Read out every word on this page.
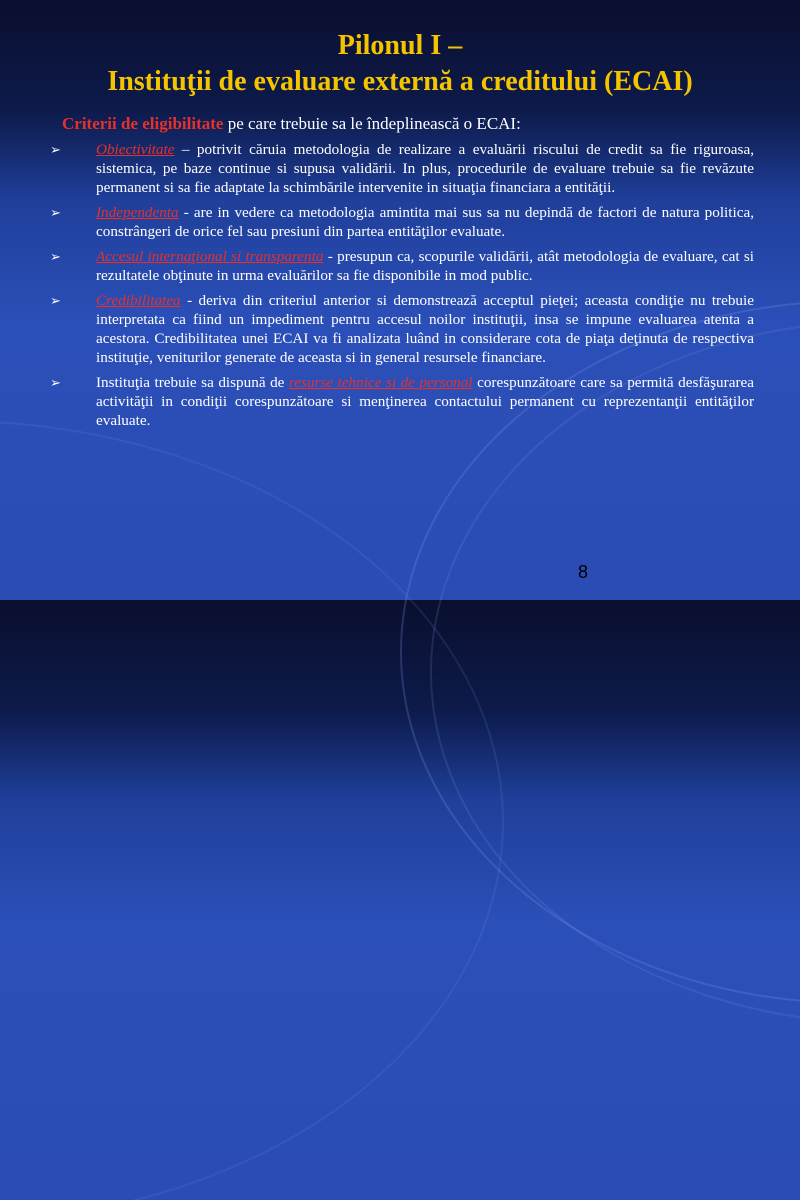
Pilonul I –
Instituţii de evaluare externă a creditului (ECAI)
Criterii de eligibilitate pe care trebuie sa le îndeplinească o ECAI:
➢ Obiectivitate – potrivit căruia metodologia de realizare a evaluării riscului de credit sa fie riguroasa, sistemica, pe baze continue si supusa validării. In plus, procedurile de evaluare trebuie sa fie revăzute permanent si sa fie adaptate la schimbările intervenite in situaţia financiara a entităţii.
➢ Independenta - are in vedere ca metodologia amintita mai sus sa nu depindă de factori de natura politica, constrângeri de orice fel sau presiuni din partea entităţilor evaluate.
➢ Accesul internaţional si transparenta - presupun ca, scopurile validării, atât metodologia de evaluare, cat si rezultatele obţinute in urma evaluărilor sa fie disponibile in mod public.
➢ Credibilitatea - deriva din criteriul anterior si demonstrează acceptul pieţei; aceasta condiţie nu trebuie interpretata ca fiind un impediment pentru accesul noilor instituţii, insa se impune evaluarea atenta a acestora. Credibilitatea unei ECAI va fi analizata luând in considerare cota de piaţa deţinuta de respectiva instituţie, veniturilor generate de aceasta si in general resursele financiare.
➢ Instituţia trebuie sa dispună de resurse tehnice si de personal corespunzătoare care sa permită desfăşurarea activităţii in condiţii corespunzătoare si menţinerea contactului permanent cu reprezentanţii entităţilor evaluate.
8
